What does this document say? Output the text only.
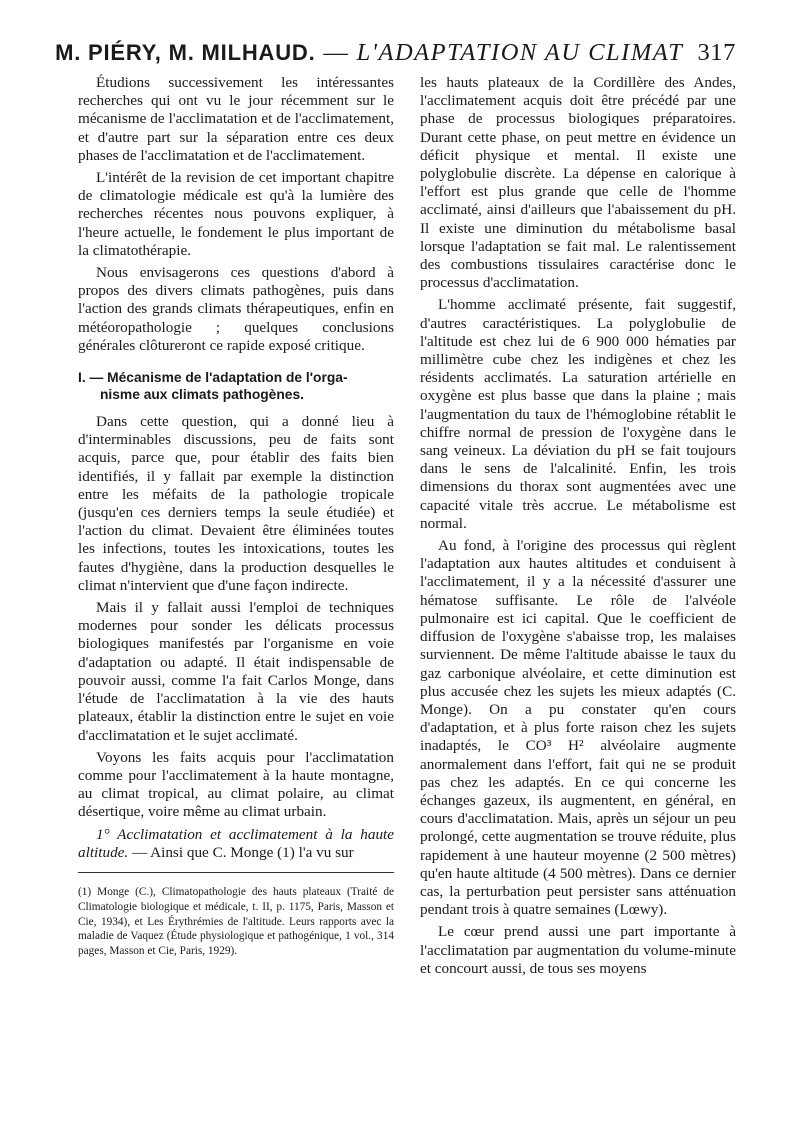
M. PIÉRY, M. MILHAUD. — L'ADAPTATION AU CLIMAT 317

Étudions successivement les intéressantes recherches qui ont vu le jour récemment sur le mécanisme de l'acclimatation et de l'acclimatement, et d'autre part sur la séparation entre ces deux phases de l'acclimatation et de l'acclimatement.

L'intérêt de la revision de cet important chapitre de climatologie médicale est qu'à la lumière des recherches récentes nous pouvons expliquer, à l'heure actuelle, le fondement le plus important de la climatothérapie.

Nous envisagerons ces questions d'abord à propos des divers climats pathogènes, puis dans l'action des grands climats thérapeutiques, enfin en météoropathologie ; quelques conclusions générales clôtureront ce rapide exposé critique.

I. — Mécanisme de l'adaptation de l'orga-
nisme aux climats pathogènes.

Dans cette question, qui a donné lieu à d'interminables discussions, peu de faits sont acquis, parce que, pour établir des faits bien identifiés, il y fallait par exemple la distinction entre les méfaits de la pathologie tropicale (jusqu'en ces derniers temps la seule étudiée) et l'action du climat. Devaient être éliminées toutes les infections, toutes les intoxications, toutes les fautes d'hygiène, dans la production desquelles le climat n'intervient que d'une façon indirecte.

Mais il y fallait aussi l'emploi de techniques modernes pour sonder les délicats processus biologiques manifestés par l'organisme en voie d'adaptation ou adapté. Il était indispensable de pouvoir aussi, comme l'a fait Carlos Monge, dans l'étude de l'acclimatation à la vie des hauts plateaux, établir la distinction entre le sujet en voie d'acclimatation et le sujet acclimaté.

Voyons les faits acquis pour l'acclimatation comme pour l'acclimatement à la haute montagne, au climat tropical, au climat polaire, au climat désertique, voire même au climat urbain.

1° Acclimatation et acclimatement à la haute altitude. — Ainsi que C. Monge (1) l'a vu sur

(1) Monge (C.), Climatopathologie des hauts plateaux (Traité de Climatologie biologique et médicale, t. II, p. 1175, Paris, Masson et Cie, 1934), et Les Érythrémies de l'altitude. Leurs rapports avec la maladie de Vaquez (Étude physiologique et pathogénique, 1 vol., 314 pages, Masson et Cie, Paris, 1929).

les hauts plateaux de la Cordillère des Andes, l'acclimatement acquis doit être précédé par une phase de processus biologiques préparatoires. Durant cette phase, on peut mettre en évidence un déficit physique et mental. Il existe une polyglobulie discrète. La dépense en calorique à l'effort est plus grande que celle de l'homme acclimaté, ainsi d'ailleurs que l'abaissement du pH. Il existe une diminution du métabolisme basal lorsque l'adaptation se fait mal. Le ralentissement des combustions tissulaires caractérise donc le processus d'acclimatation.

L'homme acclimaté présente, fait suggestif, d'autres caractéristiques. La polyglobulie de l'altitude est chez lui de 6 900 000 hématies par millimètre cube chez les indigènes et chez les résidents acclimatés. La saturation artérielle en oxygène est plus basse que dans la plaine ; mais l'augmentation du taux de l'hémoglobine rétablit le chiffre normal de pression de l'oxygène dans le sang veineux. La déviation du pH se fait toujours dans le sens de l'alcalinité. Enfin, les trois dimensions du thorax sont augmentées avec une capacité vitale très accrue. Le métabolisme est normal.

Au fond, à l'origine des processus qui règlent l'adaptation aux hautes altitudes et conduisent à l'acclimatement, il y a la nécessité d'assurer une hématose suffisante. Le rôle de l'alvéole pulmonaire est ici capital. Que le coefficient de diffusion de l'oxygène s'abaisse trop, les malaises surviennent. De même l'altitude abaisse le taux du gaz carbonique alvéolaire, et cette diminution est plus accusée chez les sujets les mieux adaptés (C. Monge). On a pu constater qu'en cours d'adaptation, et à plus forte raison chez les sujets inadaptés, le CO³ H² alvéolaire augmente anormalement dans l'effort, fait qui ne se produit pas chez les adaptés. En ce qui concerne les échanges gazeux, ils augmentent, en général, en cours d'acclimatation. Mais, après un séjour un peu prolongé, cette augmentation se trouve réduite, plus rapidement à une hauteur moyenne (2 500 mètres) qu'en haute altitude (4 500 mètres). Dans ce dernier cas, la perturbation peut persister sans atténuation pendant trois à quatre semaines (Lœwy).

Le cœur prend aussi une part importante à l'acclimatation par augmentation du volume-minute et concourt aussi, de tous ses moyens
